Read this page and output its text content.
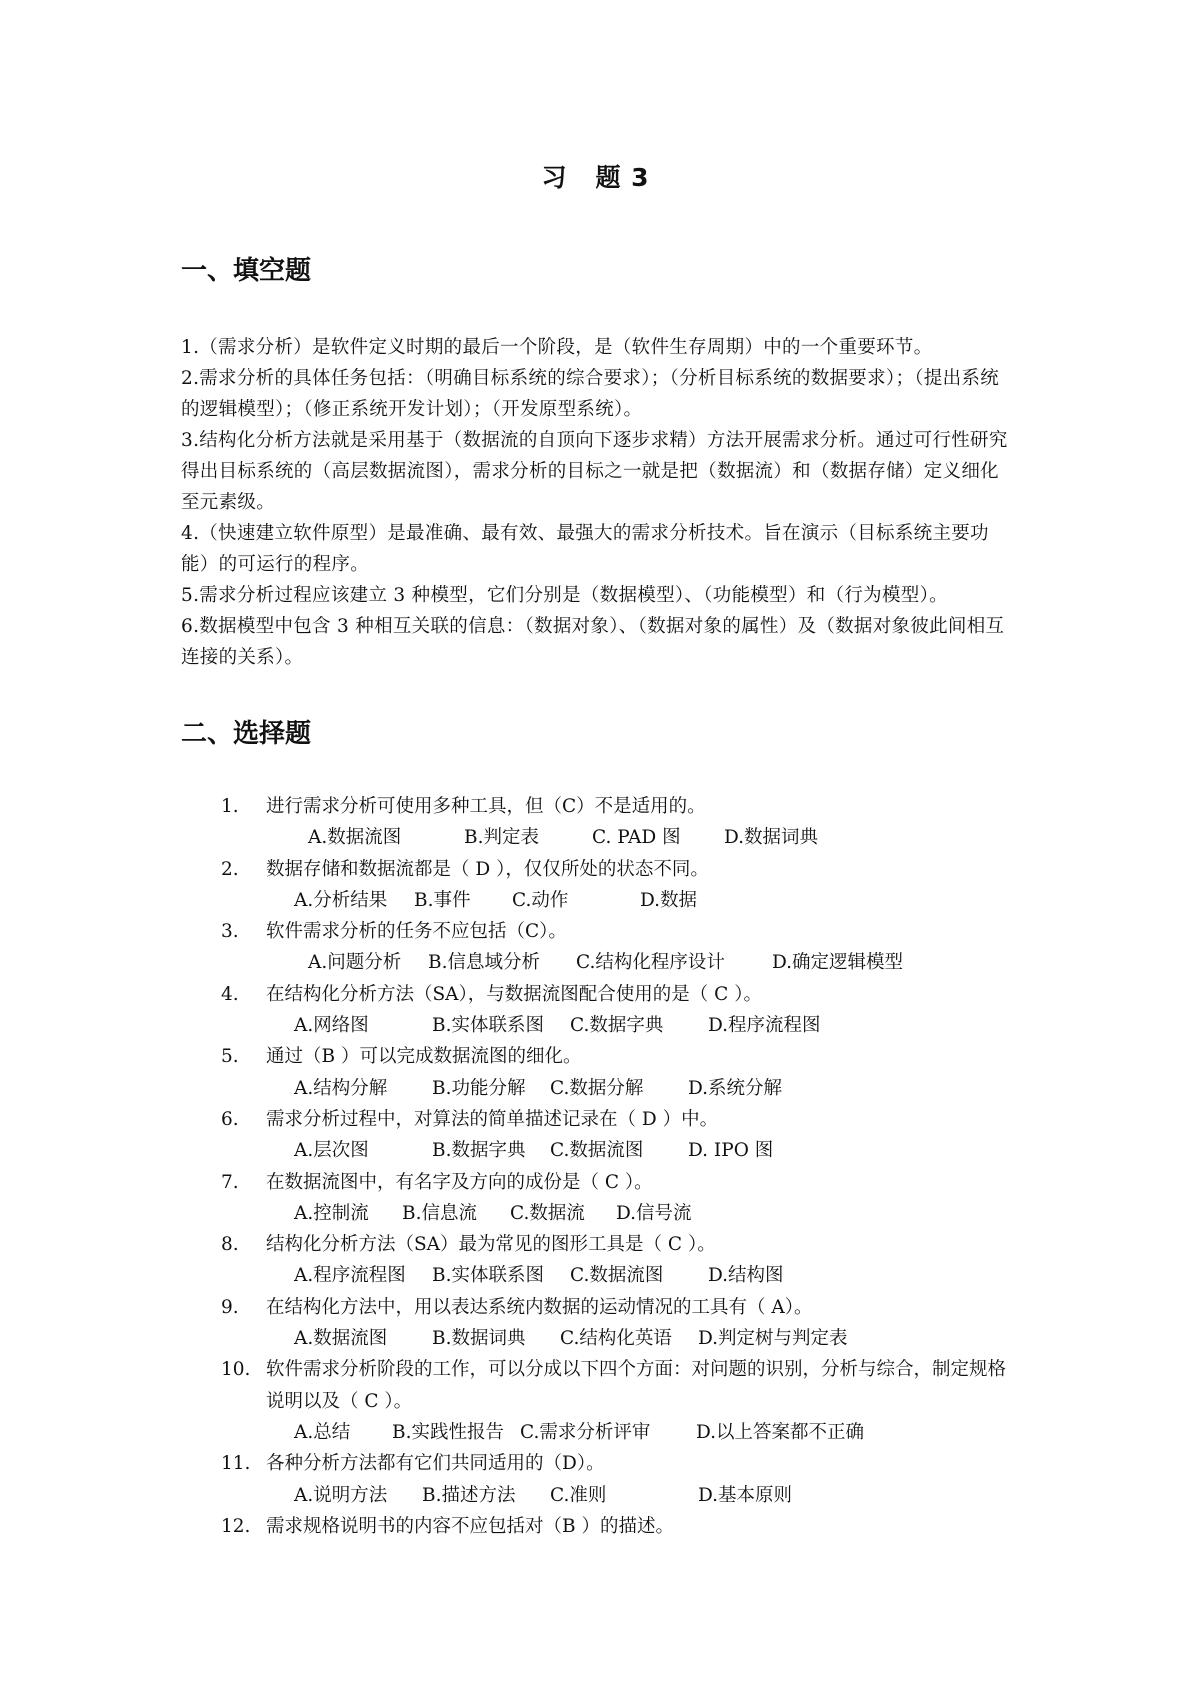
习 题 3
一、填空题

1.（需求分析）是软件定义时期的最后一个阶段，是（软件生存周期）中的一个重要环节。

2.需求分析的具体任务包括：（明确目标系统的综合要求）；（分析目标系统的数据要求）；（提出系统的逻辑模型）；（修正系统开发计划）；（开发原型系统）。

3.结构化分析方法就是采用基于（数据流的自顶向下逐步求精）方法开展需求分析。通过可行性研究得出目标系统的（高层数据流图），需求分析的目标之一就是把（数据流）和（数据存储）定义细化至元素级。

4.（快速建立软件原型）是最准确、最有效、最强大的需求分析技术。旨在演示（目标系统主要功能）的可运行的程序。

5.需求分析过程应该建立 3 种模型，它们分别是（数据模型）、（功能模型）和（行为模型）。

6.数据模型中包含 3 种相互关联的信息：（数据对象）、（数据对象的属性）及（数据对象彼此间相互连接的关系）。

二、选择题
1.	进行需求分析可使用多种工具，但（C）不是适用的。
A.数据流图	B.判定表	C. PAD 图	D.数据词典
2.	数据存储和数据流都是（ D ），仅仅所处的状态不同。
A.分析结果	B.事件	C.动作	D.数据
3.	软件需求分析的任务不应包括（C）。
A.问题分析	B.信息域分析	C.结构化程序设计	D.确定逻辑模型
4.	在结构化分析方法（SA），与数据流图配合使用的是（ C ）。
A.网络图	B.实体联系图	C.数据字典	D.程序流程图
5.	通过（B ）可以完成数据流图的细化。
A.结构分解	B.功能分解	C.数据分解	D.系统分解
6.	需求分析过程中，对算法的简单描述记录在（ D ）中。
A.层次图	B.数据字典	C.数据流图	D. IPO 图
7.	在数据流图中，有名字及方向的成份是（ C ）。
A.控制流	B.信息流	C.数据流	D.信号流
8.	结构化分析方法（SA）最为常见的图形工具是（ C ）。
A.程序流程图	B.实体联系图	C.数据流图	D.结构图
9.	在结构化方法中，用以表达系统内数据的运动情况的工具有（ A）。
A.数据流图	B.数据词典	C.结构化英语	D.判定树与判定表
10. 软件需求分析阶段的工作，可以分成以下四个方面：对问题的识别，分析与综合，制定规格说明以及（ C ）。
A.总结	B.实践性报告 C.需求分析评审	D.以上答案都不正确
11. 各种分析方法都有它们共同适用的（D）。
A.说明方法	B.描述方法	C.准则	D.基本原则
12. 需求规格说明书的内容不应包括对（B ）的描述。
